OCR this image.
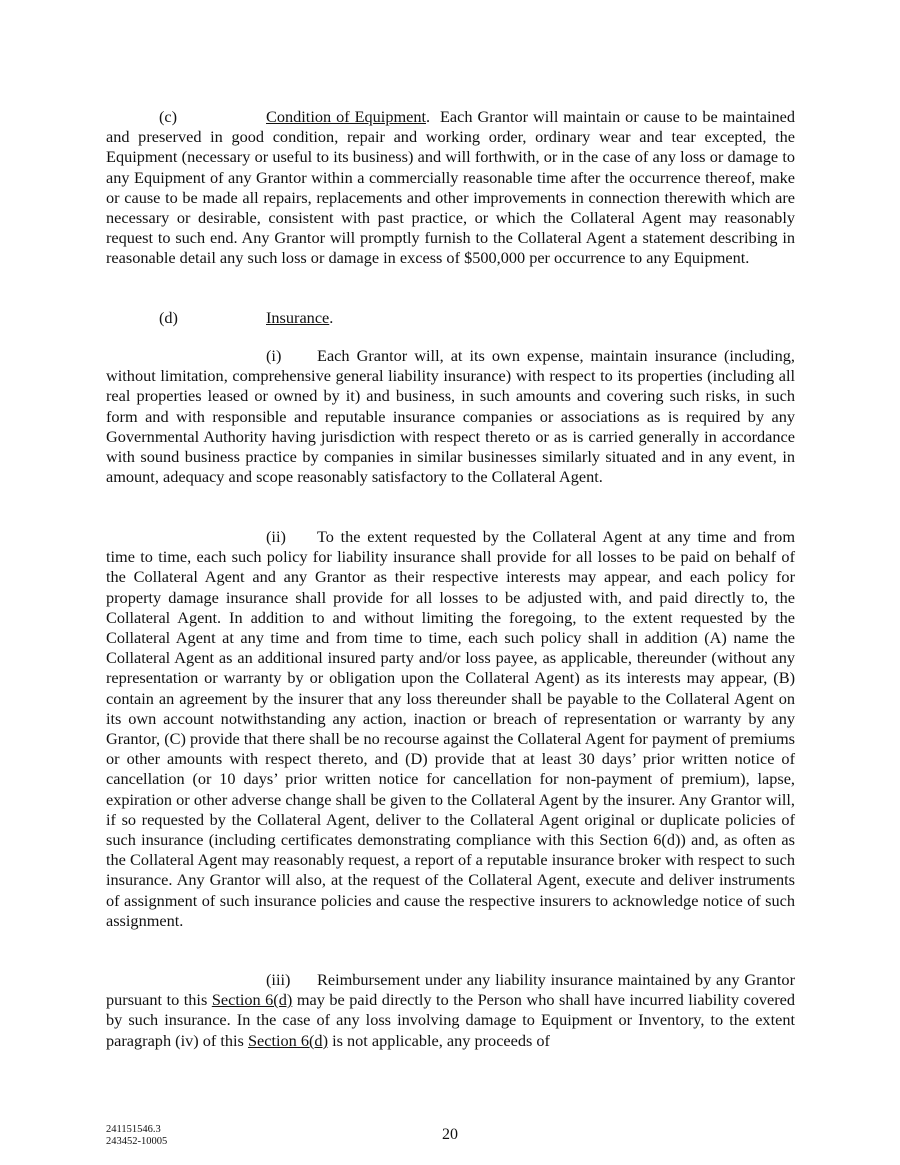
(c)	Condition of Equipment. Each Grantor will maintain or cause to be maintained and preserved in good condition, repair and working order, ordinary wear and tear excepted, the Equipment (necessary or useful to its business) and will forthwith, or in the case of any loss or damage to any Equipment of any Grantor within a commercially reasonable time after the occurrence thereof, make or cause to be made all repairs, replacements and other improvements in connection therewith which are necessary or desirable, consistent with past practice, or which the Collateral Agent may reasonably request to such end. Any Grantor will promptly furnish to the Collateral Agent a statement describing in reasonable detail any such loss or damage in excess of $500,000 per occurrence to any Equipment.

(d)	Insurance.

(i) Each Grantor will, at its own expense, maintain insurance (including, without limitation, comprehensive general liability insurance) with respect to its properties (including all real properties leased or owned by it) and business, in such amounts and covering such risks, in such form and with responsible and reputable insurance companies or associations as is required by any Governmental Authority having jurisdiction with respect thereto or as is carried generally in accordance with sound business practice by companies in similar businesses similarly situated and in any event, in amount, adequacy and scope reasonably satisfactory to the Collateral Agent.

(ii) To the extent requested by the Collateral Agent at any time and from time to time, each such policy for liability insurance shall provide for all losses to be paid on behalf of the Collateral Agent and any Grantor as their respective interests may appear, and each policy for property damage insurance shall provide for all losses to be adjusted with, and paid directly to, the Collateral Agent. In addition to and without limiting the foregoing, to the extent requested by the Collateral Agent at any time and from time to time, each such policy shall in addition (A) name the Collateral Agent as an additional insured party and/or loss payee, as applicable, thereunder (without any representation or warranty by or obligation upon the Collateral Agent) as its interests may appear, (B) contain an agreement by the insurer that any loss thereunder shall be payable to the Collateral Agent on its own account notwithstanding any action, inaction or breach of representation or warranty by any Grantor, (C) provide that there shall be no recourse against the Collateral Agent for payment of premiums or other amounts with respect thereto, and (D) provide that at least 30 days’ prior written notice of cancellation (or 10 days’ prior written notice for cancellation for non-payment of premium), lapse, expiration or other adverse change shall be given to the Collateral Agent by the insurer. Any Grantor will, if so requested by the Collateral Agent, deliver to the Collateral Agent original or duplicate policies of such insurance (including certificates demonstrating compliance with this Section 6(d)) and, as often as the Collateral Agent may reasonably request, a report of a reputable insurance broker with respect to such insurance. Any Grantor will also, at the request of the Collateral Agent, execute and deliver instruments of assignment of such insurance policies and cause the respective insurers to acknowledge notice of such assignment.

(iii) Reimbursement under any liability insurance maintained by any Grantor pursuant to this Section 6(d) may be paid directly to the Person who shall have incurred liability covered by such insurance. In the case of any loss involving damage to Equipment or Inventory, to the extent paragraph (iv) of this Section 6(d) is not applicable, any proceeds of

241151546.3
243452-10005	20
